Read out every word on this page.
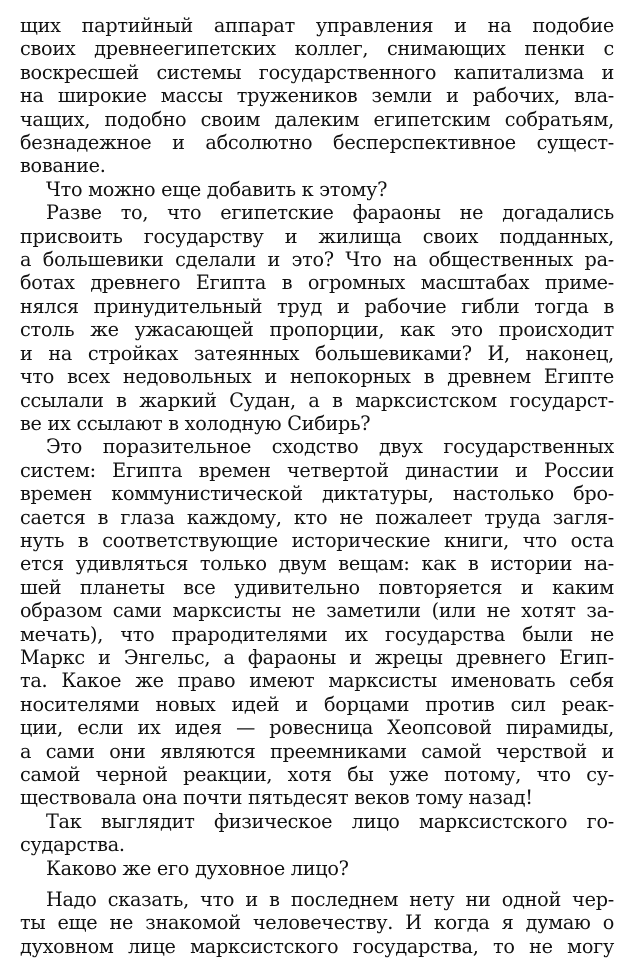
щих партийный аппарат управления и на подобие
своих древнеегипетских коллег, снимающих пенки с
воскресшей системы государственного капитализма и
на широкие массы тружеников земли и рабочих, вла-
чащих, подобно своим далеким египетским собратьям,
безнадежное и абсолютно бесперспективное сущест-
вование.

Что можно еще добавить к этому?

Разве то, что египетские фараоны не догадались
присвоить государству и жилища своих подданных,
а большевики сделали и это? Что на общественных ра-
ботах древнего Египта в огромных масштабах приме-
нялся принудительный труд и рабочие гибли тогда в
столь же ужасающей пропорции, как это происходит
и на стройках затеянных большевиками? И, наконец,
что всех недовольных и непокорных в древнем Египте
ссылали в жаркий Судан, а в марксистском государст-
ве их ссылают в холодную Сибирь?

Это поразительное сходство двух государственных
систем: Египта времен четвертой династии и России
времен коммунистической диктатуры, настолько бро-
сается в глаза каждому, кто не пожалеет труда загля-
нуть в соответствующие исторические книги, что оста
ется удивляться только двум вещам: как в истории на-
шей планеты все удивительно повторяется и каким
образом сами марксисты не заметили (или не хотят за-
мечать), что прародителями их государства были не
Маркс и Энгельс, а фараоны и жрецы древнего Егип-
та. Какое же право имеют марксисты именовать себя
носителями новых идей и борцами против сил реак-
ции, если их идея — ровесница Хеопсовой пирамиды,
а сами они являются преемниками самой черствой и
самой черной реакции, хотя бы уже потому, что су-
ществовала она почти пятьдесят веков тому назад!

Так выглядит физическое лицо марксистского го-
сударства.

Каково же его духовное лицо?

Надо сказать, что и в последнем нету ни одной чер-
ты еще не знакомой человечеству. И когда я думаю о
духовном лице марксистского государства, то не могу
